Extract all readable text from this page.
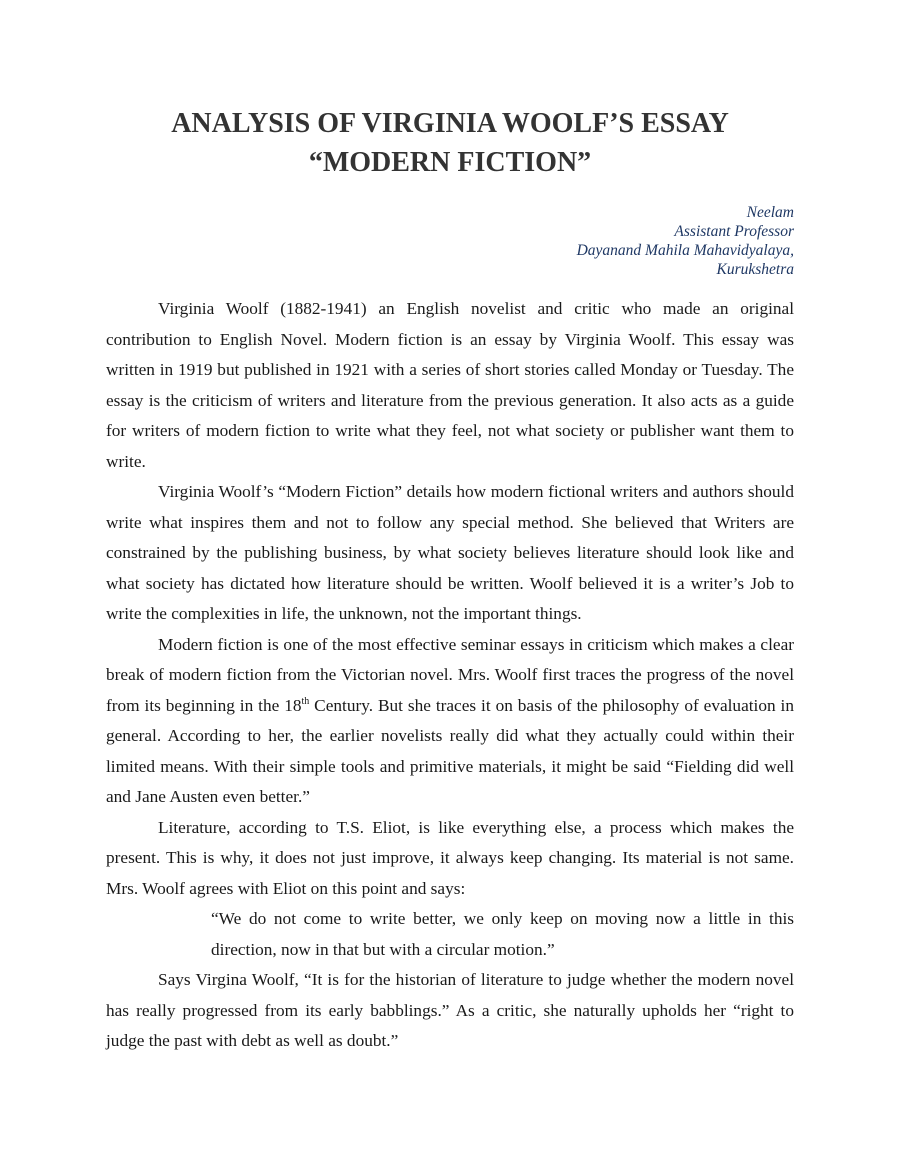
ANALYSIS OF VIRGINIA WOOLF’S ESSAY
“MODERN FICTION”
Neelam
Assistant Professor
Dayanand Mahila Mahavidyalaya,
Kurukshetra

Virginia Woolf (1882-1941) an English novelist and critic who made an original contribution to English Novel. Modern fiction is an essay by Virginia Woolf. This essay was written in 1919 but published in 1921 with a series of short stories called Monday or Tuesday. The essay is the criticism of writers and literature from the previous generation. It also acts as a guide for writers of modern fiction to write what they feel, not what society or publisher want them to write.

Virginia Woolf’s “Modern Fiction” details how modern fictional writers and authors should write what inspires them and not to follow any special method. She believed that Writers are constrained by the publishing business, by what society believes literature should look like and what society has dictated how literature should be written. Woolf believed it is a writer’s Job to write the complexities in life, the unknown, not the important things.

Modern fiction is one of the most effective seminar essays in criticism which makes a clear break of modern fiction from the Victorian novel. Mrs. Woolf first traces the progress of the novel from its beginning in the 18th Century. But she traces it on basis of the philosophy of evaluation in general. According to her, the earlier novelists really did what they actually could within their limited means. With their simple tools and primitive materials, it might be said “Fielding did well and Jane Austen even better.”

Literature, according to T.S. Eliot, is like everything else, a process which makes the present. This is why, it does not just improve, it always keep changing. Its material is not same. Mrs. Woolf agrees with Eliot on this point and says:

“We do not come to write better, we only keep on moving now a little in this direction, now in that but with a circular motion.”

Says Virgina Woolf, “It is for the historian of literature to judge whether the modern novel has really progressed from its early babblings.” As a critic, she naturally upholds her “right to judge the past with debt as well as doubt.”
